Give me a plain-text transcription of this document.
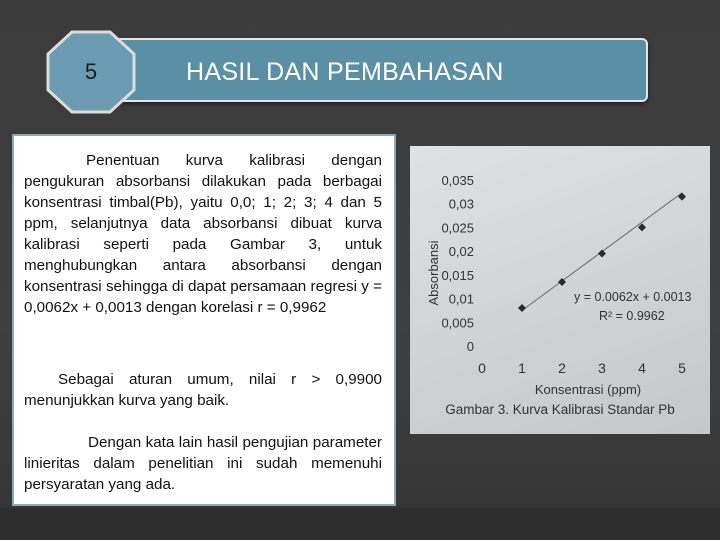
HASIL DAN PEMBAHASAN
5

Penentuan kurva kalibrasi dengan pengukuran absorbansi dilakukan pada berbagai konsentrasi timbal(Pb), yaitu 0,0; 1; 2; 3; 4 dan 5 ppm, selanjutnya data absorbansi dibuat kurva kalibrasi seperti pada Gambar 3, untuk menghubungkan antara absorbansi dengan konsentrasi sehingga di dapat persamaan regresi y = 0,0062x + 0,0013 dengan korelasi r = 0,9962

Sebagai aturan umum, nilai r > 0,9900 menunjukkan kurva yang baik.

Dengan kata lain hasil pengujian parameter linieritas dalam penelitian ini sudah memenuhi persyaratan yang ada.

0
0,005
0,01
0,015
0,02
0,025
0,03
0,035
0 1 2 3 4 5
Absorbansi
Konsentrasi (ppm)
y = 0.0062x + 0.0013
R² = 0.9962
Gambar 3. Kurva Kalibrasi Standar Pb
